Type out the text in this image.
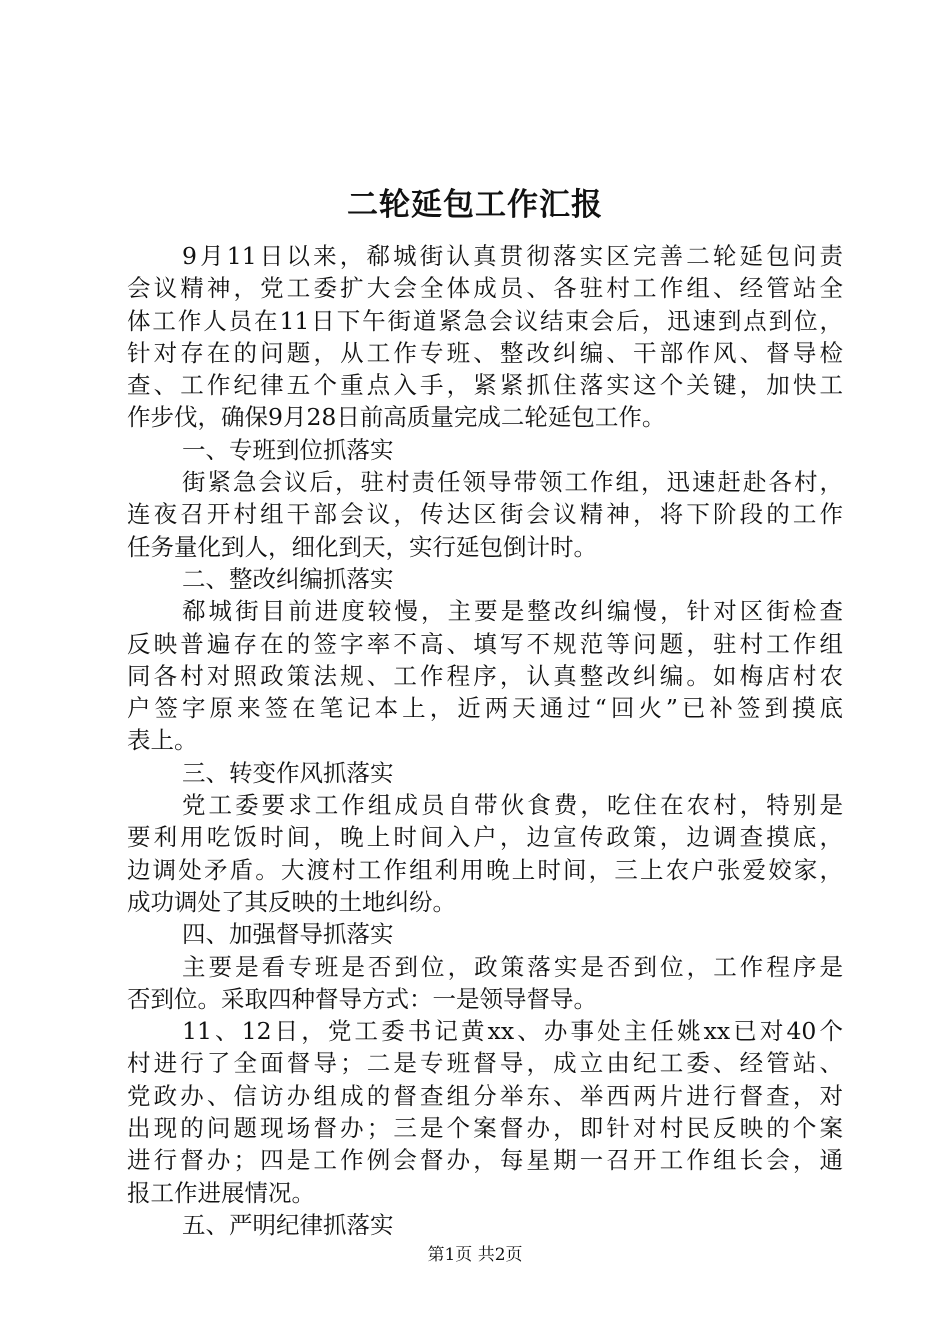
二轮延包工作汇报
9月11日以来，郗城街认真贯彻落实区完善二轮延包问责
会议精神，党工委扩大会全体成员、各驻村工作组、经管站全
体工作人员在11日下午街道紧急会议结束会后，迅速到点到位，
针对存在的问题，从工作专班、整改纠编、干部作风、督导检
查、工作纪律五个重点入手，紧紧抓住落实这个关键，加快工
作步伐，确保9月28日前高质量完成二轮延包工作。
一、专班到位抓落实
街紧急会议后，驻村责任领导带领工作组，迅速赶赴各村，
连夜召开村组干部会议，传达区街会议精神，将下阶段的工作
任务量化到人，细化到天，实行延包倒计时。
二、整改纠编抓落实
郗城街目前进度较慢，主要是整改纠编慢，针对区街检查
反映普遍存在的签字率不高、填写不规范等问题，驻村工作组
同各村对照政策法规、工作程序，认真整改纠编。如梅店村农
户签字原来签在笔记本上，近两天通过“回火”已补签到摸底
表上。
三、转变作风抓落实
党工委要求工作组成员自带伙食费，吃住在农村，特别是
要利用吃饭时间，晚上时间入户，边宣传政策，边调查摸底，
边调处矛盾。大渡村工作组利用晚上时间，三上农户张爱姣家，
成功调处了其反映的土地纠纷。
四、加强督导抓落实
主要是看专班是否到位，政策落实是否到位，工作程序是
否到位。采取四种督导方式：一是领导督导。
11、12日，党工委书记黄xx、办事处主任姚xx已对40个
村进行了全面督导；二是专班督导，成立由纪工委、经管站、
党政办、信访办组成的督查组分举东、举西两片进行督查，对
出现的问题现场督办；三是个案督办，即针对村民反映的个案
进行督办；四是工作例会督办，每星期一召开工作组长会，通
报工作进展情况。
五、严明纪律抓落实
第1页 共2页
